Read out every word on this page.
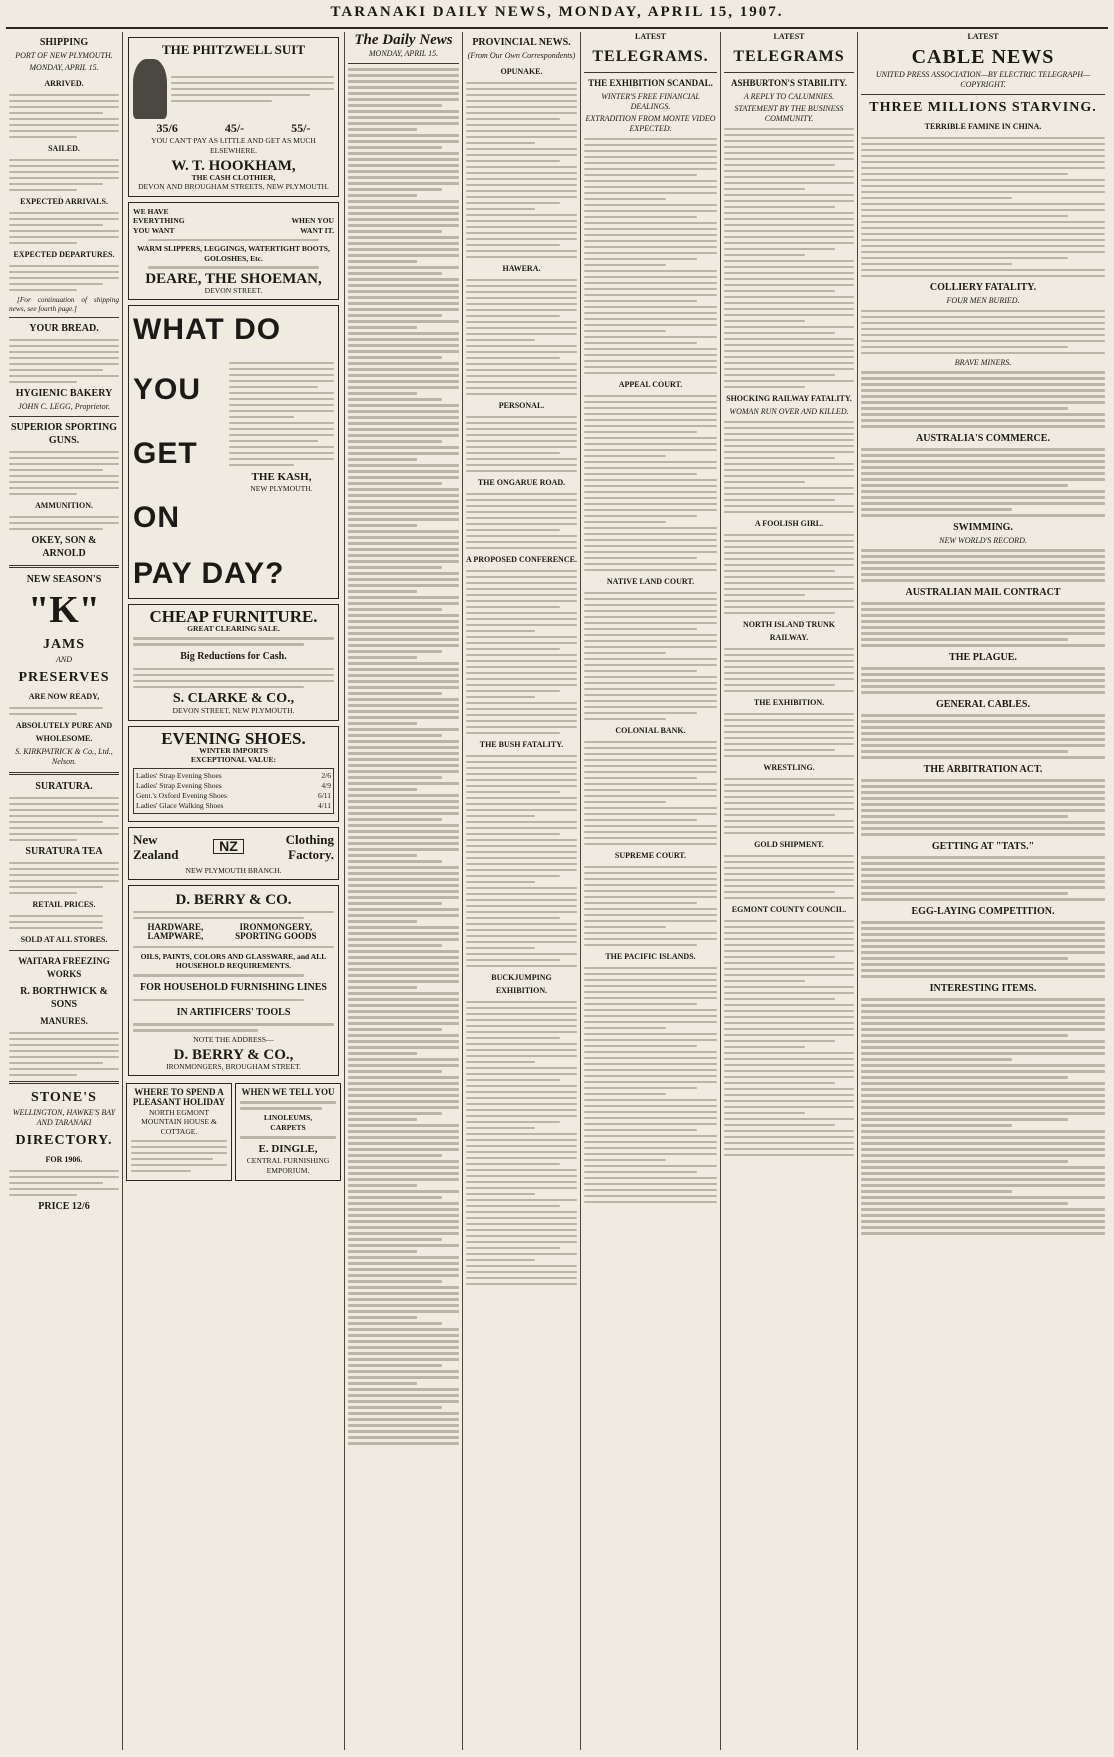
TARANAKI DAILY NEWS, MONDAY, APRIL 15, 1907.
SHIPPING
PORT OF NEW PLYMOUTH.
MONDAY, APRIL 15.
ARRIVED.
SAILED.
EXPECTED ARRIVALS.
EXPECTED DEPARTURES.
[For continuation of shipping news, see fourth page.]
YOUR BREAD.
HYGIENIC BAKERY
JOHN C. LEGG, Proprietor.
SUPERIOR SPORTING GUNS.
AMMUNITION.
OKEY, SON & ARNOLD
NEW SEASON'S
"K"
JAMS
AND
PRESERVES
ARE NOW READY,
ABSOLUTELY PURE AND WHOLESOME.
S. KIRKPATRICK & Co., Ltd., Nelson.
SURATURA.
SURATURA TEA
RETAIL PRICES.
SOLD AT ALL STORES.
WAITARA FREEZING WORKS
R. BORTHWICK & SONS
MANURES.
STONE'S
WELLINGTON, HAWKE'S BAY AND TARANAKI
DIRECTORY.
FOR 1906.
PRICE 12/6
THE PHITZWELL SUIT
35/6	45/-	55/-
YOU CAN'T PAY AS LITTLE AND GET AS MUCH ELSEWHERE.
W. T. HOOKHAM,
THE CASH CLOTHIER,
DEVON AND BROUGHAM STREETS, NEW PLYMOUTH.
WE HAVE EVERYTHING YOU WANT
WHEN YOU WANT IT.
WARM SLIPPERS, LEGGINGS, WATERTIGHT BOOTS, GOLOSHES, Etc.
DEARE, THE SHOEMAN,
DEVON STREET.
WHAT DO
YOU
GET
ON
THE KASH,
NEW PLYMOUTH.
PAY DAY?
CHEAP FURNITURE.
GREAT CLEARING SALE.
Big Reductions for Cash.
S. CLARKE & CO.,
DEVON STREET, NEW PLYMOUTH.
EVENING SHOES.
WINTER IMPORTS
EXCEPTIONAL VALUE:
Ladies' Strap Evening Shoes	2/6
Ladies' Strap Evening Shoes	4/9
Gent.'s Oxford Evening Shoes	6/11
Ladies' Glace Walking Shoes	4/11
New Zealand
NZ	Clothing Factory.
NEW PLYMOUTH BRANCH.
D. BERRY & CO.
HARDWARE, LAMPWARE,
IRONMONGERY, SPORTING GOODS
OILS, PAINTS, COLORS AND GLASSWARE, and ALL HOUSEHOLD REQUIREMENTS.
FOR HOUSEHOLD FURNISHING LINES
IN ARTIFICERS' TOOLS
NOTE THE ADDRESS—
D. BERRY & CO.,
IRONMONGERS, BROUGHAM STREET.
WHERE TO SPEND A PLEASANT HOLIDAY
NORTH EGMONT MOUNTAIN HOUSE & COTTAGE.
WHEN WE TELL YOU
LINOLEUMS,
CARPETS
E. DINGLE,
CENTRAL FURNISHING EMPORIUM.
The Daily News
MONDAY, APRIL 15.
PROVINCIAL NEWS.
(From Our Own Correspondents)
OPUNAKE.
HAWERA.
PERSONAL.
THE ONGARUE ROAD.
A PROPOSED CONFERENCE.
THE BUSH FATALITY.
BUCKJUMPING EXHIBITION.
LATEST
TELEGRAMS.
THE EXHIBITION SCANDAL.
WINTER'S FREE FINANCIAL DEALINGS.
EXTRADITION FROM MONTE VIDEO EXPECTED.
APPEAL COURT.
NATIVE LAND COURT.
COLONIAL BANK.
SUPREME COURT.
THE PACIFIC ISLANDS.
LATEST
TELEGRAMS
ASHBURTON'S STABILITY.
A REPLY TO CALUMNIES.
STATEMENT BY THE BUSINESS COMMUNITY.
SHOCKING RAILWAY FATALITY.
WOMAN RUN OVER AND KILLED.
A FOOLISH GIRL.
NORTH ISLAND TRUNK RAILWAY.
THE EXHIBITION.
WRESTLING.
GOLD SHIPMENT.
EGMONT COUNTY COUNCIL.
LATEST
CABLE NEWS
UNITED PRESS ASSOCIATION—BY ELECTRIC TELEGRAPH—COPYRIGHT.
THREE MILLIONS STARVING.
TERRIBLE FAMINE IN CHINA.
COLLIERY FATALITY.
FOUR MEN BURIED.
BRAVE MINERS.
AUSTRALIA'S COMMERCE.
SWIMMING.
NEW WORLD'S RECORD.
AUSTRALIAN MAIL CONTRACT
THE PLAGUE.
GENERAL CABLES.
THE ARBITRATION ACT.
GETTING AT "TATS."
EGG-LAYING COMPETITION.
INTERESTING ITEMS.
